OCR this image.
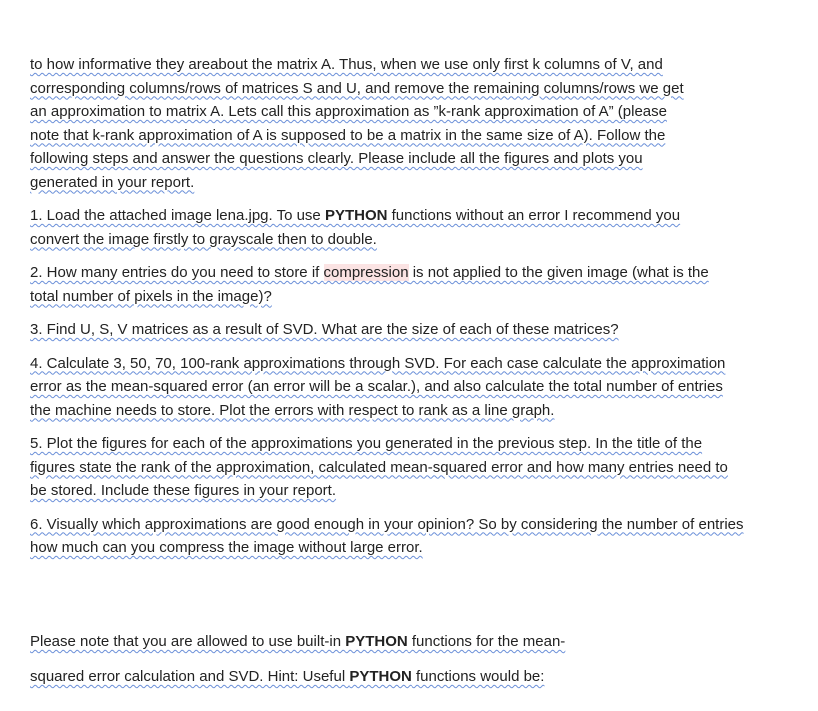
to how informative they areabout the matrix A. Thus, when we use only first k columns of V, and
corresponding columns/rows of matrices S and U, and remove the remaining columns/rows we get
an approximation to matrix A. Lets call this approximation as ”k-rank approximation of A” (please
note that k-rank approximation of A is supposed to be a matrix in the same size of A). Follow the
following steps and answer the questions clearly. Please include all the figures and plots you
generated in your report.

1. Load the attached image lena.jpg. To use PYTHON functions without an error I recommend you convert the image firstly to grayscale then to double.

2. How many entries do you need to store if compression is not applied to the given image (what is the total number of pixels in the image)?

3. Find U, S, V matrices as a result of SVD. What are the size of each of these matrices?

4. Calculate 3, 50, 70, 100-rank approximations through SVD. For each case calculate the approximation error as the mean-squared error (an error will be a scalar.), and also calculate the total number of entries the machine needs to store. Plot the errors with respect to rank as a line graph.

5. Plot the figures for each of the approximations you generated in the previous step. In the title of the figures state the rank of the approximation, calculated mean-squared error and how many entries need to be stored. Include these figures in your report.

6. Visually which approximations are good enough in your opinion? So by considering the number of entries how much can you compress the image without large error.

Please note that you are allowed to use built-in PYTHON functions for the mean-

squared error calculation and SVD. Hint: Useful PYTHON functions would be:
